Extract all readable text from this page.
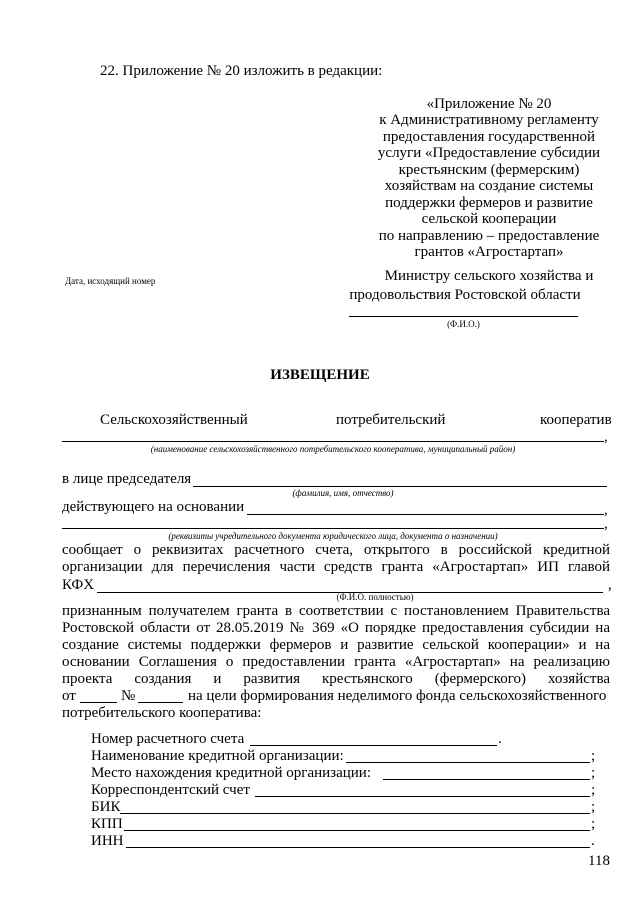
22. Приложение № 20 изложить в редакции:
«Приложение № 20
к Административному регламенту
предоставления государственной
услуги «Предоставление субсидии
крестьянским (фермерским)
хозяйствам на создание системы
поддержки фермеров и развитие
сельской кооперации
по направлению – предоставление
грантов «Агростартап»
Дата, исходящий номер	Министру сельского хозяйства и
продовольствия Ростовской области
(Ф.И.О.)
ИЗВЕЩЕНИЕ
Сельскохозяйственный	потребительский	кооператив
,
(наименование сельскохозяйственного потребительского кооператива, муниципальный район)
в лице председателя
(фамилия, имя, отчество)
действующего на основании	,
,
(реквизиты учредительного документа юридического лица, документа о назначении)
сообщает о реквизитах расчетного счета, открытого в российской кредитной
организации для перечисления части средств гранта «Агростартап» ИП главой
КФХ	,
(Ф.И.О. полностью)
признанным получателем гранта в соответствии с постановлением Правительства
Ростовской области от 28.05.2019 № 369 «О порядке предоставления субсидии на
создание системы поддержки фермеров и развитие сельской кооперации» и на
основании Соглашения о предоставлении гранта «Агростартап» на реализацию
проекта создания и развития крестьянского (фермерского) хозяйства
от	№	на цели формирования неделимого фонда сельскохозяйственного
потребительского кооператива:
Номер расчетного счета	.
Наименование кредитной организации:	;
Место нахождения кредитной организации:	;
Корреспондентский счет	;
БИК	;
КПП	;
ИНН	.
118
